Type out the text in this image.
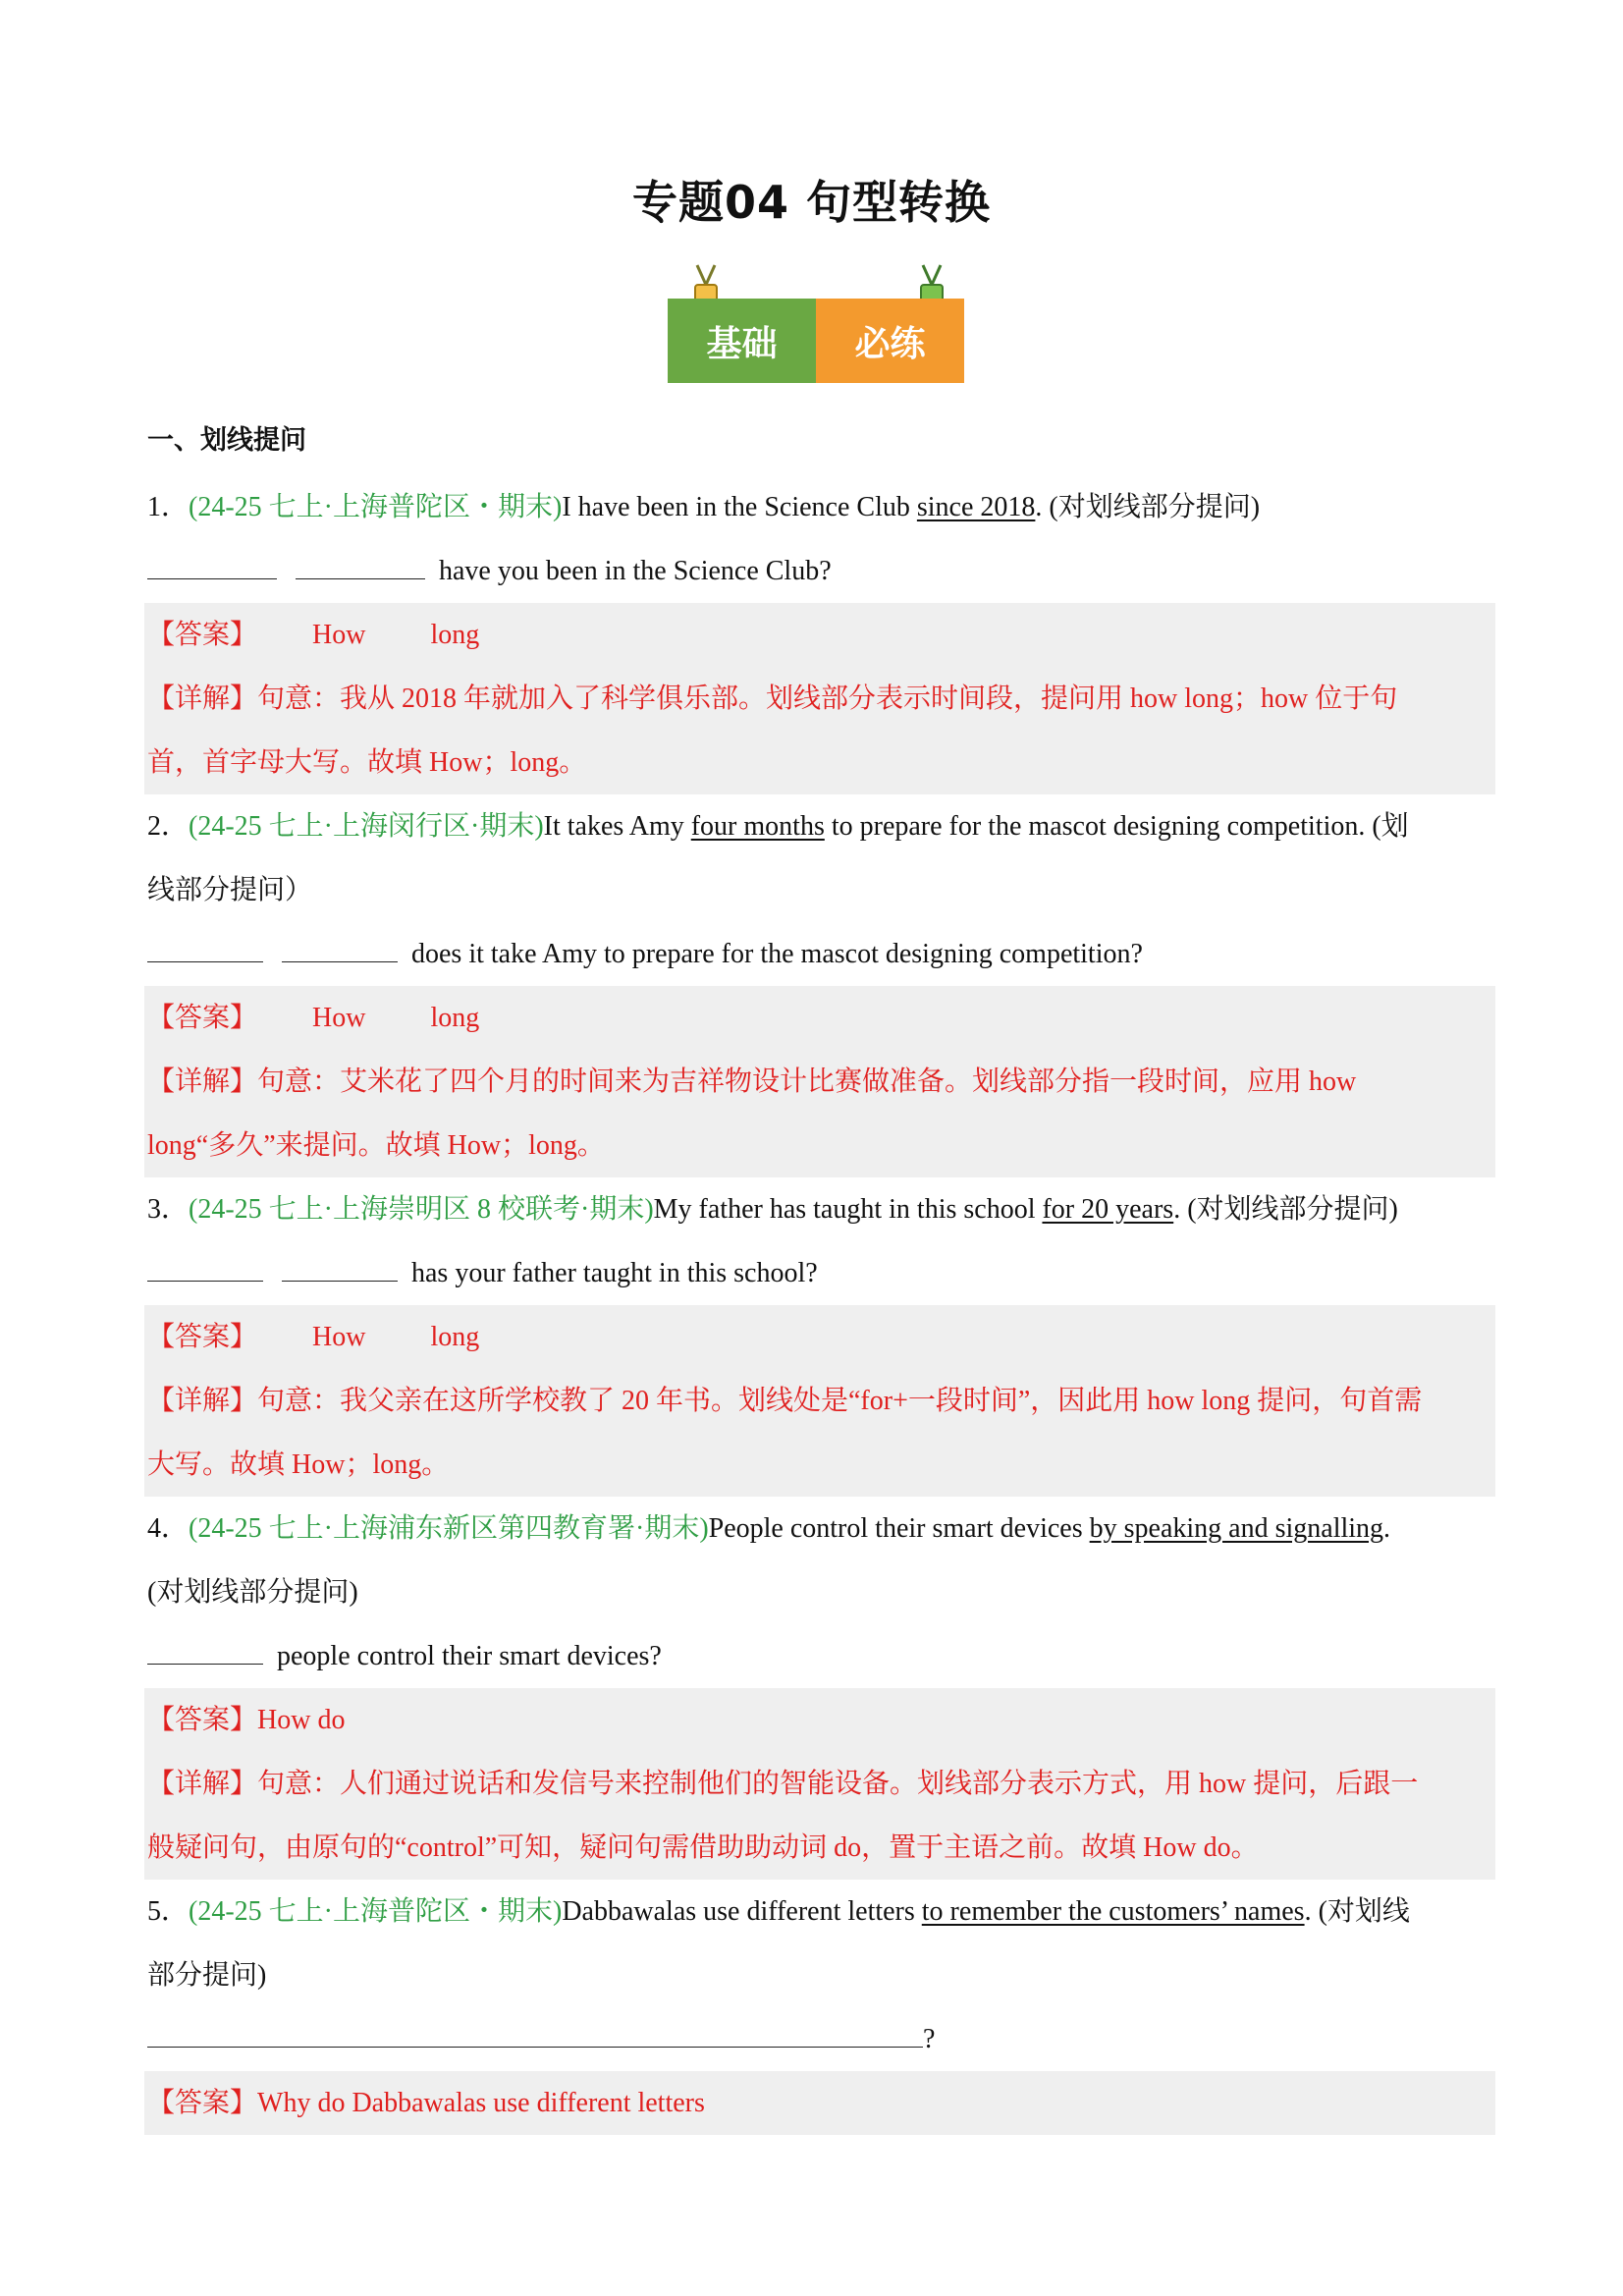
专题04 句型转换
基础	必练
一、划线提问
1．(24-25 七上·上海普陀区・期末)I have been in the Science Club since 2018. (对划线部分提问)
have you been in the Science Club?
【答案】 How long
【详解】句意：我从 2018 年就加入了科学俱乐部。划线部分表示时间段，提问用 how long；how 位于句
首，首字母大写。故填 How；long。
2．(24-25 七上·上海闵行区·期末)It takes Amy four months to prepare for the mascot designing competition. (划
线部分提问）
does it take Amy to prepare for the mascot designing competition?
【答案】 How long
【详解】句意：艾米花了四个月的时间来为吉祥物设计比赛做准备。划线部分指一段时间，应用 how
long“多久”来提问。故填 How；long。
3．(24-25 七上·上海崇明区 8 校联考·期末)My father has taught in this school for 20 years. (对划线部分提问)
has your father taught in this school?
【答案】 How long
【详解】句意：我父亲在这所学校教了 20 年书。划线处是“for+一段时间”，因此用 how long 提问，句首需
大写。故填 How；long。
4．(24-25 七上·上海浦东新区第四教育署·期末)People control their smart devices by speaking and signalling.
(对划线部分提问)
people control their smart devices?
【答案】How do
【详解】句意：人们通过说话和发信号来控制他们的智能设备。划线部分表示方式，用 how 提问，后跟一
般疑问句，由原句的“control”可知，疑问句需借助助动词 do，置于主语之前。故填 How do。
5．(24-25 七上·上海普陀区・期末)Dabbawalas use different letters to remember the customers’ names. (对划线
部分提问)
?
【答案】Why do Dabbawalas use different letters
